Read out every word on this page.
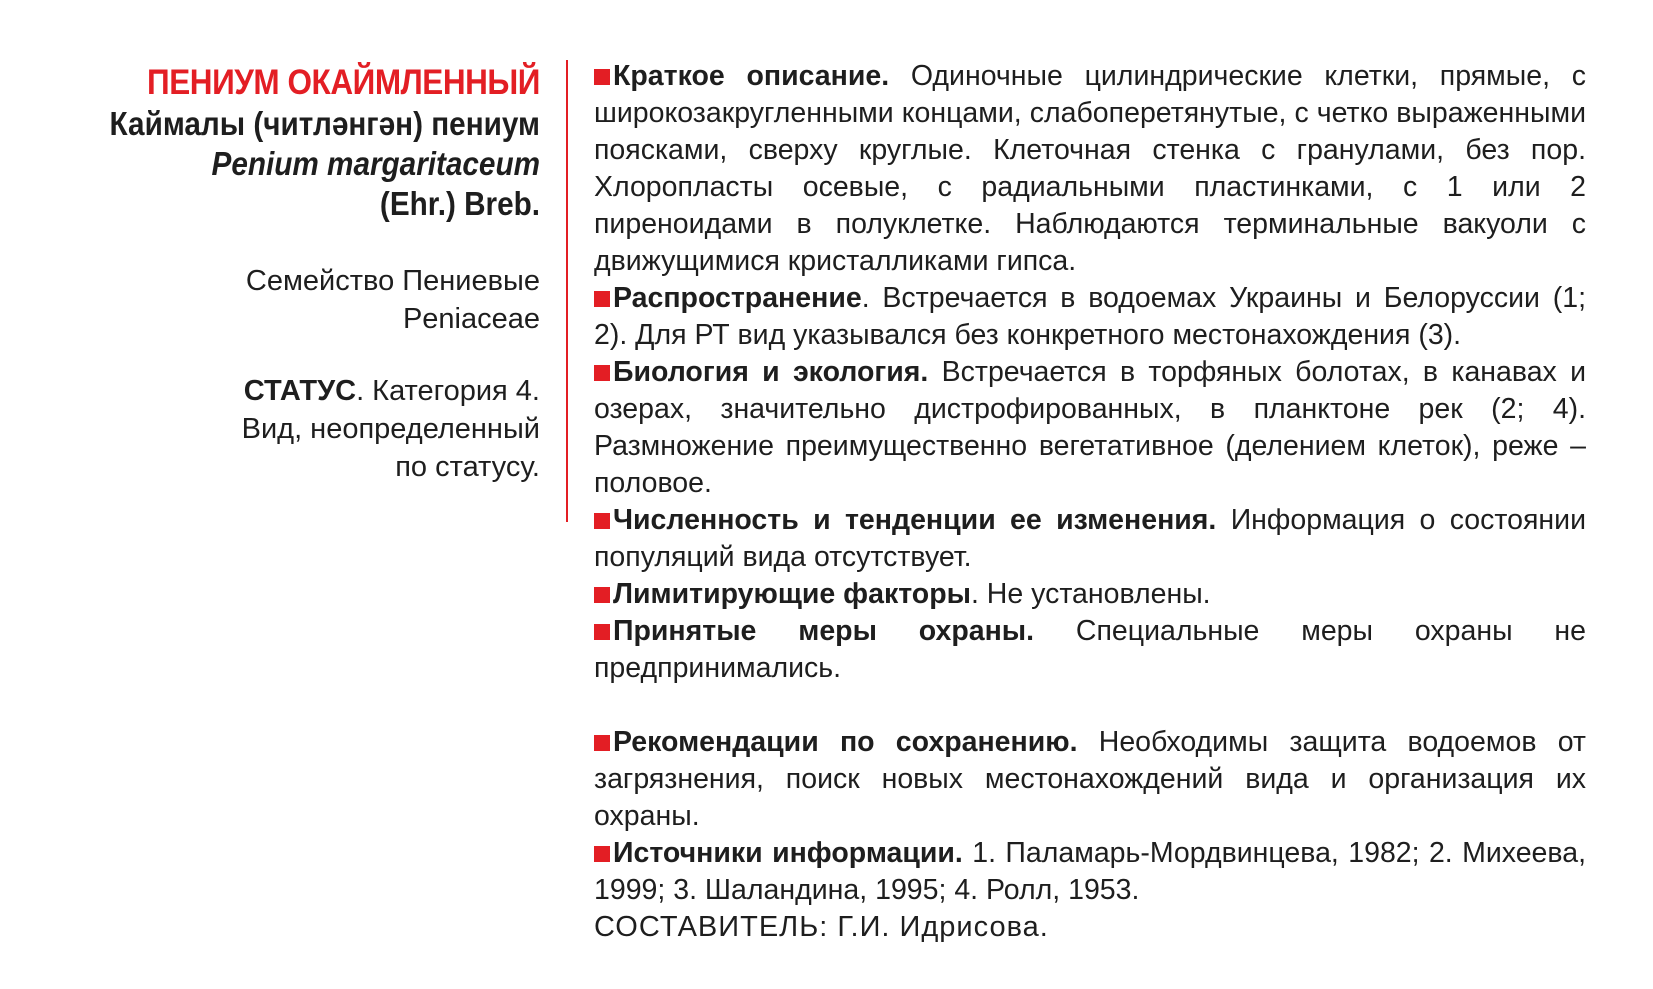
ПЕНИУМ ОКАЙМЛЕННЫЙ
Каймалы (читләнгән) пениум
Penium margaritaceum
(Ehr.) Breb.
Семейство Пениевые
Peniaceae
СТАТУС. Категория 4.
Вид, неопределенный
по статусу.

Краткое описание. Одиночные цилиндрические клетки, прямые, с широкозакругленными концами, слабоперетянутые, с четко выраженными поясками, сверху круглые. Клеточная стенка с гранулами, без пор. Хлоропласты осевые, с радиальными пластинками, с 1 или 2 пиреноидами в полуклетке. Наблюдаются терминальные вакуоли с движущимися кристалликами гипса.

Распространение. Встречается в водоемах Украины и Белоруссии (1; 2). Для РТ вид указывался без конкретного местонахождения (3).

Биология и экология. Встречается в торфяных болотах, в канавах и озерах, значительно дистрофированных, в планктоне рек (2; 4). Размножение преимущественно вегетативное (делением клеток), реже – половое.

Численность и тенденции ее изменения. Информация о состоянии популяций вида отсутствует.

Лимитирующие факторы. Не установлены.

Принятые меры охраны. Специальные меры охраны не предпринимались.

Рекомендации по сохранению. Необходимы защита водоемов от загрязнения, поиск новых местонахождений вида и организация их охраны.

Источники информации. 1. Паламарь-Мордвинцева, 1982; 2. Михеева, 1999; 3. Шаландина, 1995; 4. Ролл, 1953.

СОСТАВИТЕЛЬ: Г.И. Идрисова.
